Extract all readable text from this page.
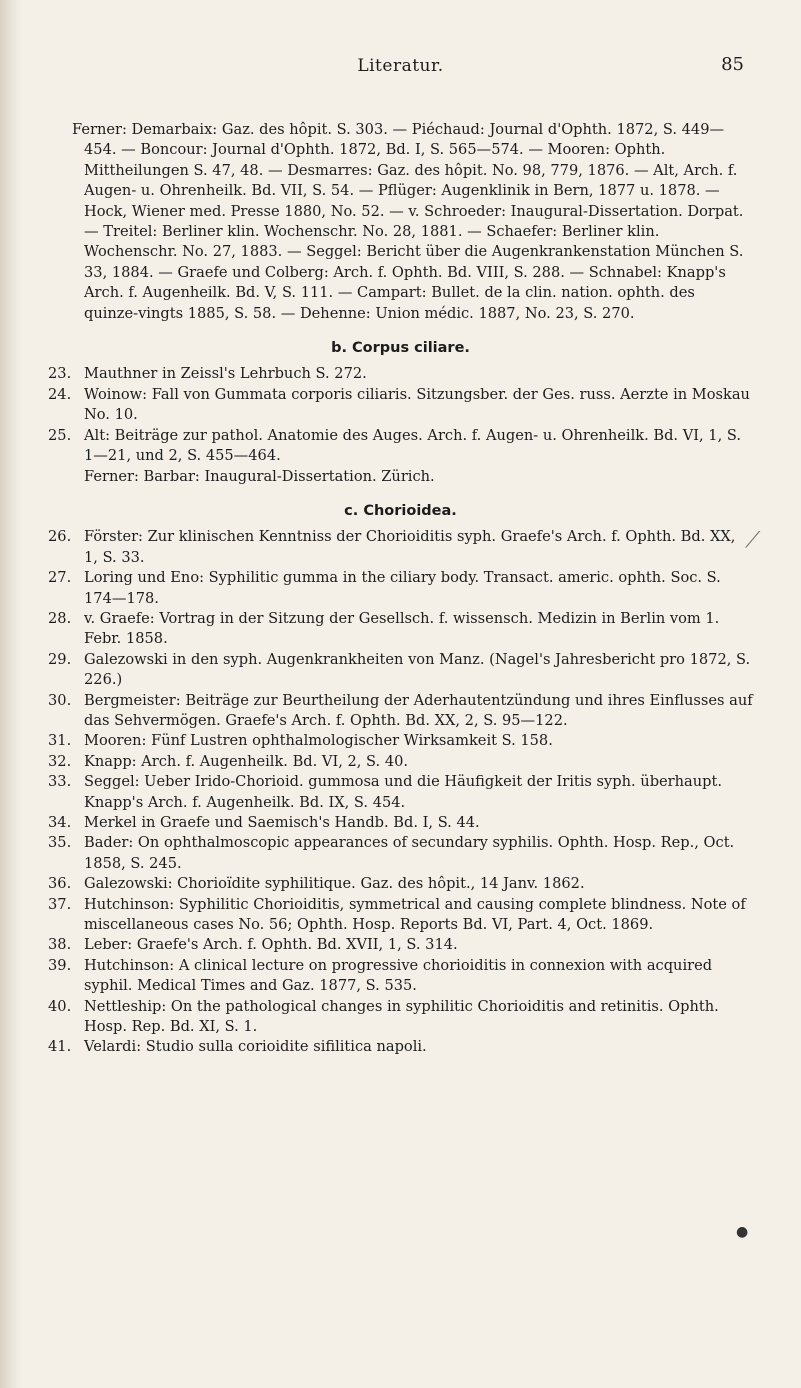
Literatur.	85
Ferner: Demarbaix: Gaz. des hôpit. S. 303. — Piéchaud: Journal d'Ophth. 1872, S. 449—454. — Boncour: Journal d'Ophth. 1872, Bd. I, S. 565—574. — Mooren: Ophth. Mittheilungen S. 47, 48. — Desmarres: Gaz. des hôpit. No. 98, 779, 1876. — Alt, Arch. f. Augen- u. Ohrenheilk. Bd. VII, S. 54. — Pflüger: Augenklinik in Bern, 1877 u. 1878. — Hock, Wiener med. Presse 1880, No. 52. — v. Schroeder: Inaugural-Dissertation. Dorpat. — Treitel: Berliner klin. Wochenschr. No. 28, 1881. — Schaefer: Berliner klin. Wochenschr. No. 27, 1883. — Seggel: Bericht über die Augenkrankenstation München S. 33, 1884. — Graefe und Colberg: Arch. f. Ophth. Bd. VIII, S. 288. — Schnabel: Knapp's Arch. f. Augenheilk. Bd. V, S. 111. — Campart: Bullet. de la clin. nation. ophth. des quinze-vingts 1885, S. 58. — Dehenne: Union médic. 1887, No. 23, S. 270.
b. Corpus ciliare.
23. Mauthner in Zeissl's Lehrbuch S. 272.
24. Woinow: Fall von Gummata corporis ciliaris. Sitzungsber. der Ges. russ. Aerzte in Moskau No. 10.
25. Alt: Beiträge zur pathol. Anatomie des Auges. Arch. f. Augen- u. Ohrenheilk. Bd. VI, 1, S. 1—21, und 2, S. 455—464.
Ferner: Barbar: Inaugural-Dissertation. Zürich.
c. Chorioidea.
26. Förster: Zur klinischen Kenntniss der Chorioiditis syph. Graefe's Arch. f. Ophth. Bd. XX, 1, S. 33.
27. Loring und Eno: Syphilitic gumma in the ciliary body. Transact. americ. ophth. Soc. S. 174—178.
28. v. Graefe: Vortrag in der Sitzung der Gesellsch. f. wissensch. Medizin in Berlin vom 1. Febr. 1858.
29. Galezowski in den syph. Augenkrankheiten von Manz. (Nagel's Jahresbericht pro 1872, S. 226.)
30. Bergmeister: Beiträge zur Beurtheilung der Aderhautentzündung und ihres Einflusses auf das Sehvermögen. Graefe's Arch. f. Ophth. Bd. XX, 2, S. 95—122.
31. Mooren: Fünf Lustren ophthalmologischer Wirksamkeit S. 158.
32. Knapp: Arch. f. Augenheilk. Bd. VI, 2, S. 40.
33. Seggel: Ueber Irido-Chorioid. gummosa und die Häufigkeit der Iritis syph. überhaupt. Knapp's Arch. f. Augenheilk. Bd. IX, S. 454.
34. Merkel in Graefe und Saemisch's Handb. Bd. I, S. 44.
35. Bader: On ophthalmoscopic appearances of secundary syphilis. Ophth. Hosp. Rep., Oct. 1858, S. 245.
36. Galezowski: Chorioïdite syphilitique. Gaz. des hôpit., 14 Janv. 1862.
37. Hutchinson: Syphilitic Chorioiditis, symmetrical and causing complete blindness. Note of miscellaneous cases No. 56; Ophth. Hosp. Reports Bd. VI, Part. 4, Oct. 1869.
38. Leber: Graefe's Arch. f. Ophth. Bd. XVII, 1, S. 314.
39. Hutchinson: A clinical lecture on progressive chorioiditis in connexion with acquired syphil. Medical Times and Gaz. 1877, S. 535.
40. Nettleship: On the pathological changes in syphilitic Chorioiditis and retinitis. Ophth. Hosp. Rep. Bd. XI, S. 1.
41. Velardi: Studio sulla corioidite sifilitica napoli.
⟋
●
